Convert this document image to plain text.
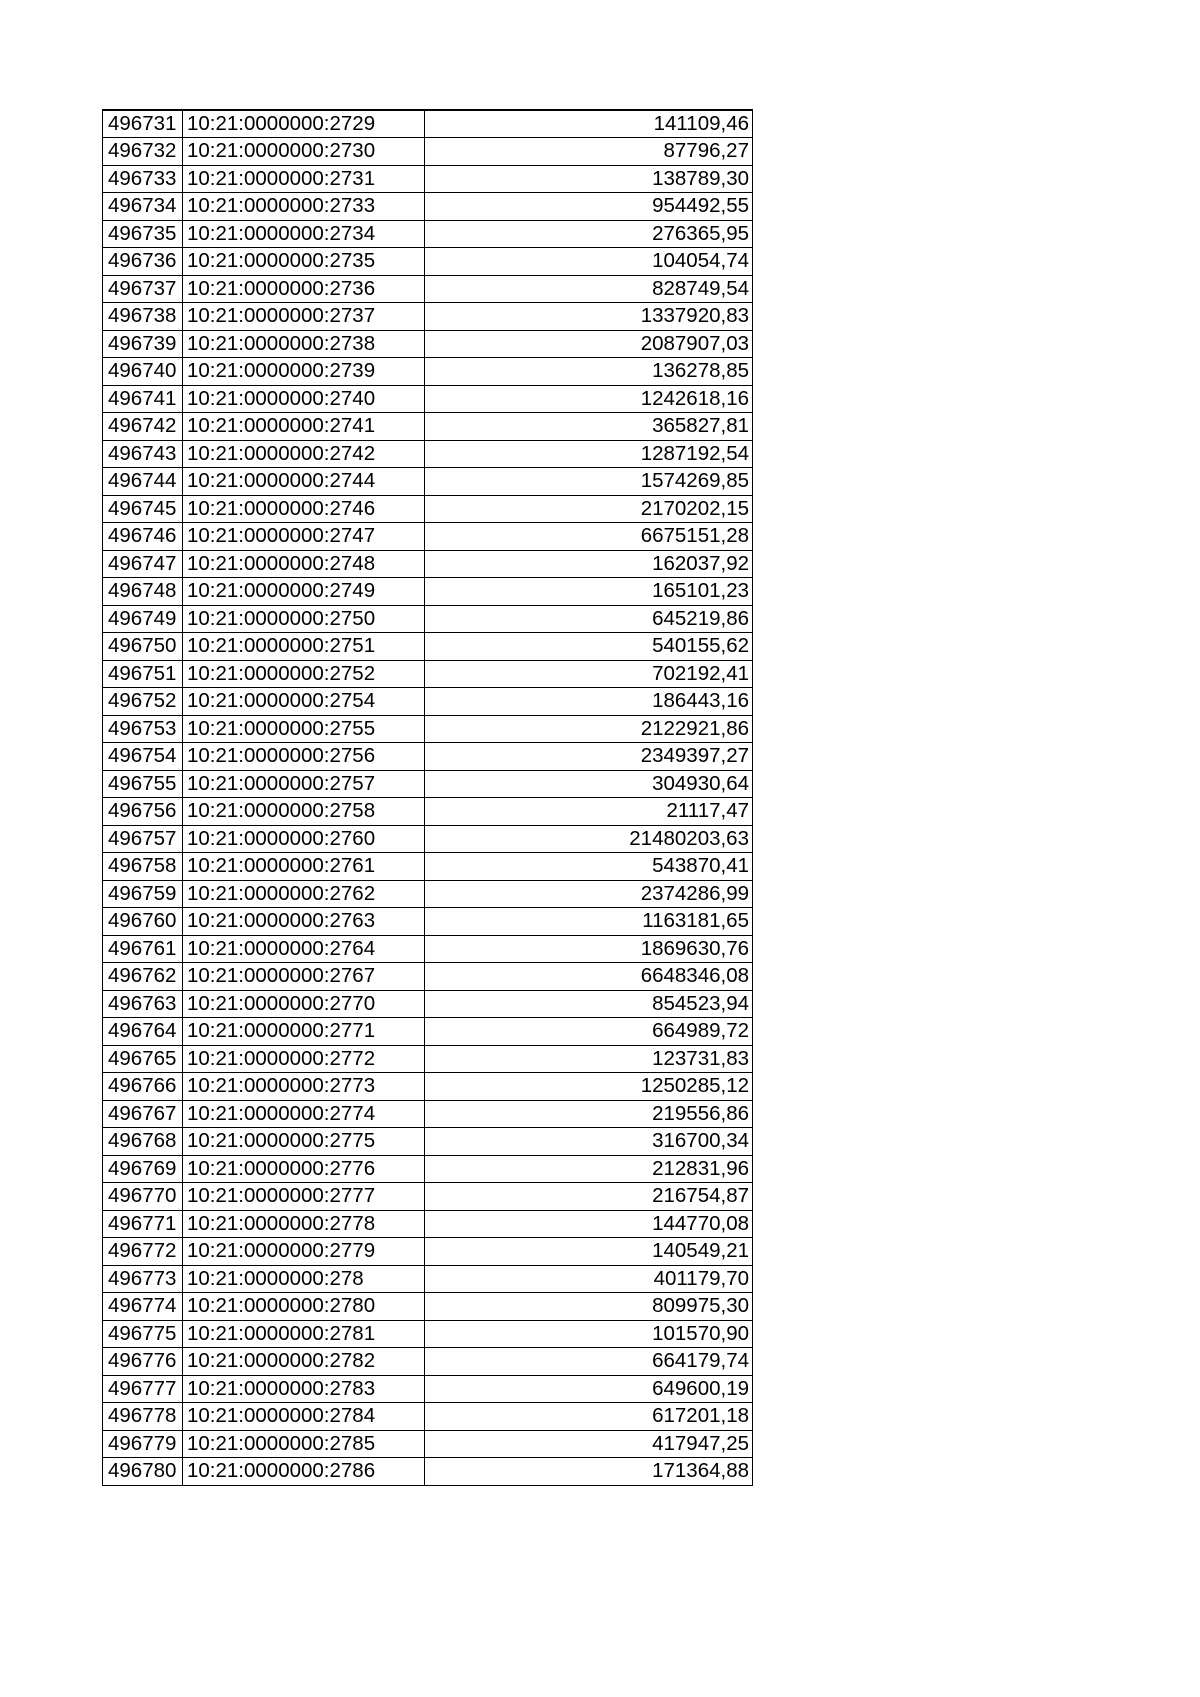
496731	10:21:0000000:2729	141109,46
496732	10:21:0000000:2730	87796,27
496733	10:21:0000000:2731	138789,30
496734	10:21:0000000:2733	954492,55
496735	10:21:0000000:2734	276365,95
496736	10:21:0000000:2735	104054,74
496737	10:21:0000000:2736	828749,54
496738	10:21:0000000:2737	1337920,83
496739	10:21:0000000:2738	2087907,03
496740	10:21:0000000:2739	136278,85
496741	10:21:0000000:2740	1242618,16
496742	10:21:0000000:2741	365827,81
496743	10:21:0000000:2742	1287192,54
496744	10:21:0000000:2744	1574269,85
496745	10:21:0000000:2746	2170202,15
496746	10:21:0000000:2747	6675151,28
496747	10:21:0000000:2748	162037,92
496748	10:21:0000000:2749	165101,23
496749	10:21:0000000:2750	645219,86
496750	10:21:0000000:2751	540155,62
496751	10:21:0000000:2752	702192,41
496752	10:21:0000000:2754	186443,16
496753	10:21:0000000:2755	2122921,86
496754	10:21:0000000:2756	2349397,27
496755	10:21:0000000:2757	304930,64
496756	10:21:0000000:2758	21117,47
496757	10:21:0000000:2760	21480203,63
496758	10:21:0000000:2761	543870,41
496759	10:21:0000000:2762	2374286,99
496760	10:21:0000000:2763	1163181,65
496761	10:21:0000000:2764	1869630,76
496762	10:21:0000000:2767	6648346,08
496763	10:21:0000000:2770	854523,94
496764	10:21:0000000:2771	664989,72
496765	10:21:0000000:2772	123731,83
496766	10:21:0000000:2773	1250285,12
496767	10:21:0000000:2774	219556,86
496768	10:21:0000000:2775	316700,34
496769	10:21:0000000:2776	212831,96
496770	10:21:0000000:2777	216754,87
496771	10:21:0000000:2778	144770,08
496772	10:21:0000000:2779	140549,21
496773	10:21:0000000:278	401179,70
496774	10:21:0000000:2780	809975,30
496775	10:21:0000000:2781	101570,90
496776	10:21:0000000:2782	664179,74
496777	10:21:0000000:2783	649600,19
496778	10:21:0000000:2784	617201,18
496779	10:21:0000000:2785	417947,25
496780	10:21:0000000:2786	171364,88
